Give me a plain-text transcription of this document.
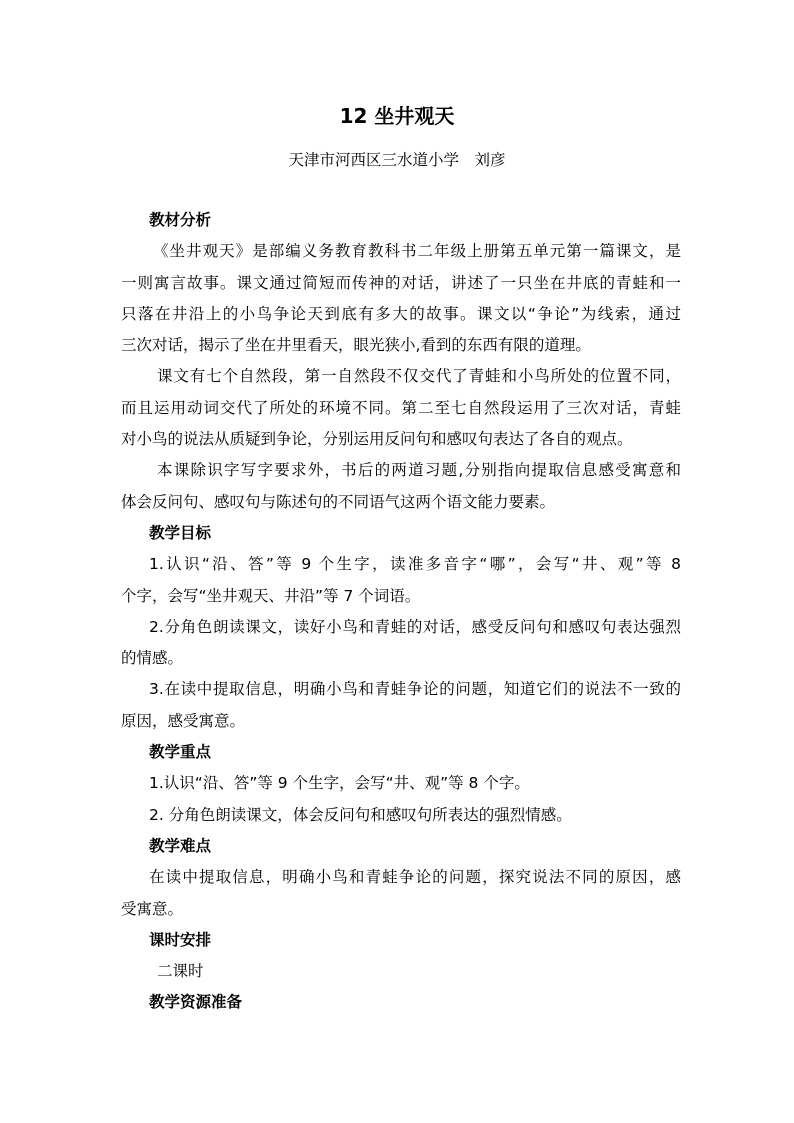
12 坐井观天
天津市河西区三水道小学　刘彦
教材分析
《坐井观天》是部编义务教育教科书二年级上册第五单元第一篇课文，是
一则寓言故事。课文通过简短而传神的对话，讲述了一只坐在井底的青蛙和一
只落在井沿上的小鸟争论天到底有多大的故事。课文以“争论”为线索，通过
三次对话，揭示了坐在井里看天，眼光狭小,看到的东西有限的道理。
课文有七个自然段，第一自然段不仅交代了青蛙和小鸟所处的位置不同，
而且运用动词交代了所处的环境不同。第二至七自然段运用了三次对话，青蛙
对小鸟的说法从质疑到争论，分别运用反问句和感叹句表达了各自的观点。
本课除识字写字要求外，书后的两道习题,分别指向提取信息感受寓意和
体会反问句、感叹句与陈述句的不同语气这两个语文能力要素。
教学目标
1.认识“沿、答”等 9 个生字，读准多音字“哪”，会写“井、观”等 8
个字，会写“坐井观天、井沿”等 7 个词语。
2.分角色朗读课文，读好小鸟和青蛙的对话，感受反问句和感叹句表达强烈
的情感。
3.在读中提取信息，明确小鸟和青蛙争论的问题，知道它们的说法不一致的
原因，感受寓意。
教学重点
1.认识“沿、答”等 9 个生字，会写“井、观”等 8 个字。
2. 分角色朗读课文，体会反问句和感叹句所表达的强烈情感。
教学难点
在读中提取信息，明确小鸟和青蛙争论的问题，探究说法不同的原因，感
受寓意。
课时安排
二课时
教学资源准备
